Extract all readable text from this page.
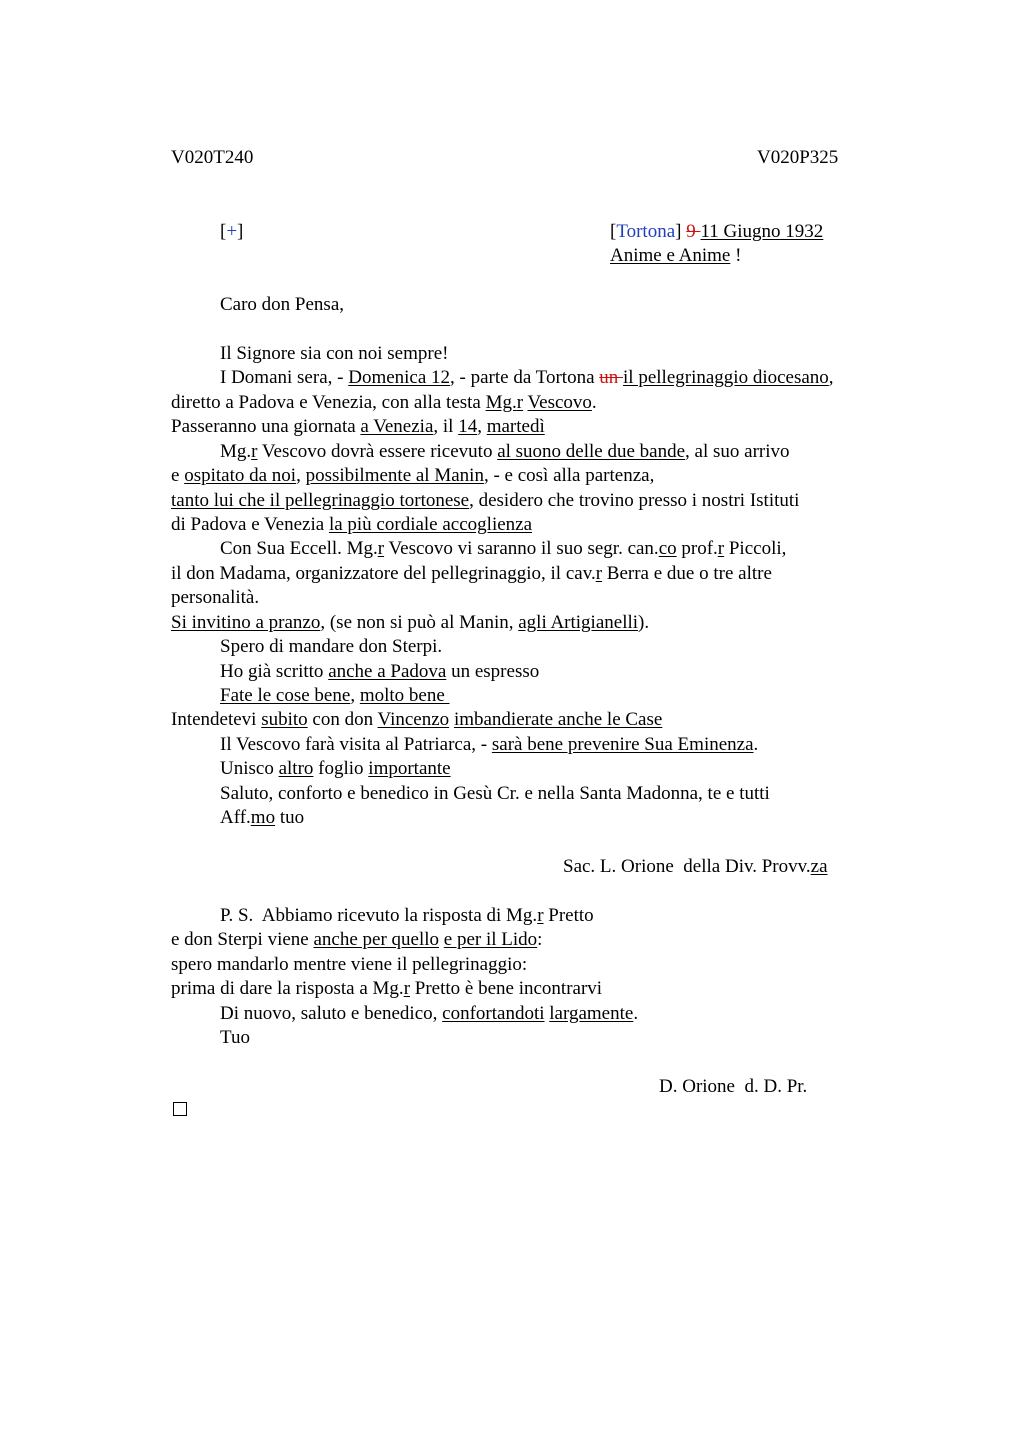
V020T240	V020P325
[+]	[Tortona] 9 11 Giugno 1932
Anime e Anime !
Caro don Pensa,
Il Signore sia con noi sempre!
I Domani sera, - Domenica 12, - parte da Tortona un il pellegrinaggio diocesano,
diretto a Padova e Venezia, con alla testa Mg.r Vescovo.
Passeranno una giornata a Venezia, il 14, martedì
Mg.r Vescovo dovrà essere ricevuto al suono delle due bande, al suo arrivo
e ospitato da noi, possibilmente al Manin, - e così alla partenza,
tanto lui che il pellegrinaggio tortonese, desidero che trovino presso i nostri Istituti
di Padova e Venezia la più cordiale accoglienza
Con Sua Eccell. Mg.r Vescovo vi saranno il suo segr. can.co prof.r Piccoli,
il don Madama, organizzatore del pellegrinaggio, il cav.r Berra e due o tre altre
personalità.
Si invitino a pranzo, (se non si può al Manin, agli Artigianelli).
Spero di mandare don Sterpi.
Ho già scritto anche a Padova un espresso
Fate le cose bene, molto bene
Intendetevi subito con don Vincenzo imbandierate anche le Case
Il Vescovo farà visita al Patriarca, - sarà bene prevenire Sua Eminenza.
Unisco altro foglio importante
Saluto, conforto e benedico in Gesù Cr. e nella Santa Madonna, te e tutti
Aff.mo tuo
Sac. L. Orione  della Div. Provv.za
P. S.  Abbiamo ricevuto la risposta di Mg.r Pretto
e don Sterpi viene anche per quello e per il Lido:
spero mandarlo mentre viene il pellegrinaggio:
prima di dare la risposta a Mg.r Pretto è bene incontrarvi
Di nuovo, saluto e benedico, confortandoti largamente.
Tuo
D. Orione  d. D. Pr.
